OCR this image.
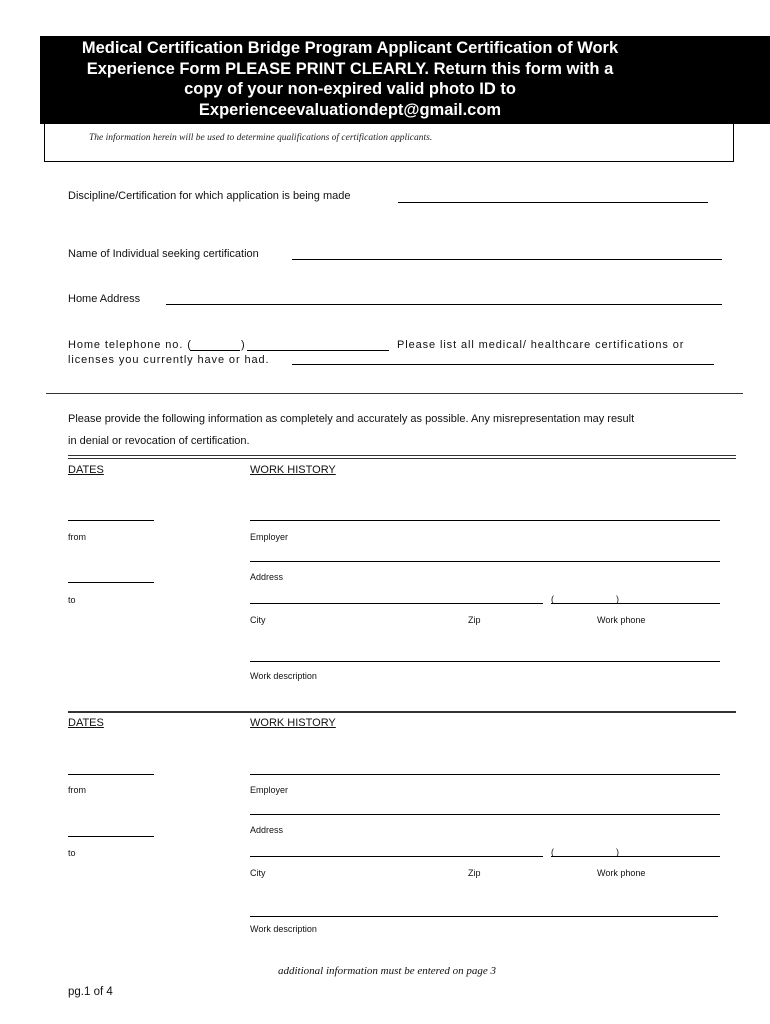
Medical Certification Bridge Program Applicant Certification of Work
Experience Form PLEASE PRINT CLEARLY. Return this form with a
copy of your non-expired valid photo ID to
Experienceevaluationdept@gmail.com
The information herein will be used to determine qualifications of certification applicants.
Discipline/Certification for which application is being made
Name of Individual seeking certification
Home Address
Home telephone no. (	)	Please list all medical/ healthcare certifications or
licenses you currently have or had.
Please provide the following information as completely and accurately as possible. Any misrepresentation may result
in denial or revocation of certification.
DATES	WORK HISTORY
from	Employer
Address
to	(	)
City	Zip	Work phone
Work description
DATES	WORK HISTORY
from	Employer
Address
to	(	)
City	Zip	Work phone
Work description
additional information must be entered on page 3
pg.1 of 4
